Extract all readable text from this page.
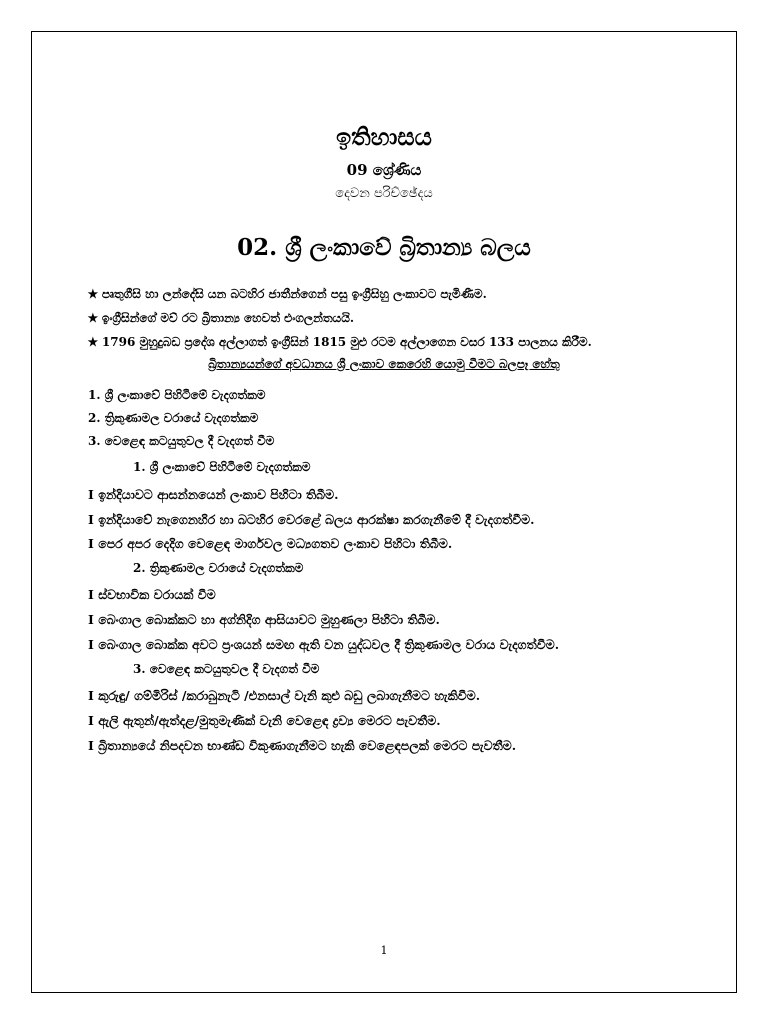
ඉතිහාසය
09 ශ්‍රේණිය
දෙවන පරිච්ඡේදය
02. ශ්‍රී ලංකාවේ බ්‍රිතාන්‍ය බලය
★ පෘතුගීසි හා ලන්දේසි යන බටහිර ජාතීන්ගෙන් පසු ඉංග්‍රීසිහු ලංකාවට පැමිණීම.
★ ඉංග්‍රීසින්ගේ මව් රට බ්‍රිතාන්‍ය හෙවත් එංගලන්තයයි.
★ 1796 මුහුදුබඩ ප්‍රදේශ අල්ලාගත් ඉංග්‍රීසින් 1815 මුළු රටම අල්ලාගෙන වසර 133 පාලනය කිරීම.
බ්‍රිතාන්‍යයන්ගේ අවධානය ශ්‍රී ලංකාව කෙරෙහි යොමු වීමට බලපෑ හේතු
1. ශ්‍රී ලංකාවේ පිහිටීමේ වැදගත්කම
2. ත්‍රිකුණාමල වරායේ වැදගත්කම
3. වෙළෙඳ කටයුතුවල දී වැදගත් වීම
1. ශ්‍රී ලංකාවේ පිහිටීමේ වැදගත්කම
I ඉන්දියාවට ආසන්නයෙන් ලංකාව පිහිටා තිබීම.
I ඉන්දියාවේ නැගෙනහිර හා බටහිර වෙරළේ බලය ආරක්ෂා කරගැනීමේ දී වැදගත්වීම.
I පෙර අපර දෙදිග වෙළෙඳ මාර්ගවල මධ්‍යගතව ලංකාව පිහිටා තිබීම.
2. ත්‍රිකුණාමල වරායේ වැදගත්කම
I ස්වභාවික වරායක් වීම
I බෙංගාල බොක්කට හා අග්නිදිග ආසියාවට මුහුණලා පිහිටා තිබීම.
I බෙංගාල බොක්ක අවට ප්‍රංශයන් සමඟ ඇති වන යුද්ධවල දී ත්‍රිකුණාමල වරාය වැදගත්වීම.
3. වෙළෙඳ කටයුතුවල දී වැදගත් වීම
I කුරුඳු/ ගම්මිරිස් /කරාබුනැටි /එනසාල් වැනි කුළු බඩු ලබාගැනීමට හැකිවීම.
I ඇලි ඇතුන්/ඇත්දළ/මුතුමැණික් වැනි වෙළෙඳ ද්‍රව්‍ය මෙරට පැවතීම.
I බ්‍රිතාන්‍යයේ නිපදවන භාණ්ඩ විකුණාගැනීමට හැකි වෙළෙඳපලක් මෙරට පැවතීම.
1
